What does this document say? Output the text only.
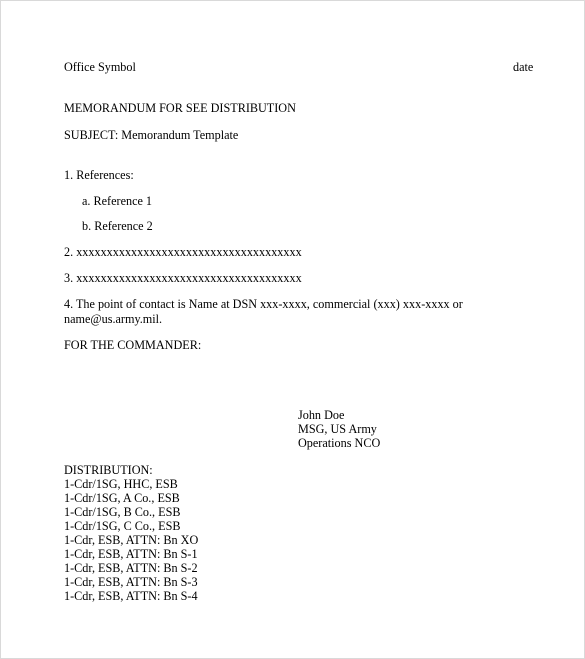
Office Symbol	date
MEMORANDUM FOR SEE DISTRIBUTION
SUBJECT: Memorandum Template
1. References:
a. Reference 1
b. Reference 2
2. xxxxxxxxxxxxxxxxxxxxxxxxxxxxxxxxxxxxx
3. xxxxxxxxxxxxxxxxxxxxxxxxxxxxxxxxxxxxx
4. The point of contact is Name at DSN xxx-xxxx, commercial (xxx) xxx-xxxx or
name@us.army.mil.
FOR THE COMMANDER:
John Doe
MSG, US Army
Operations NCO
DISTRIBUTION:
1-Cdr/1SG, HHC, ESB
1-Cdr/1SG, A Co., ESB
1-Cdr/1SG, B Co., ESB
1-Cdr/1SG, C Co., ESB
1-Cdr, ESB, ATTN: Bn XO
1-Cdr, ESB, ATTN: Bn S-1
1-Cdr, ESB, ATTN: Bn S-2
1-Cdr, ESB, ATTN: Bn S-3
1-Cdr, ESB, ATTN: Bn S-4
